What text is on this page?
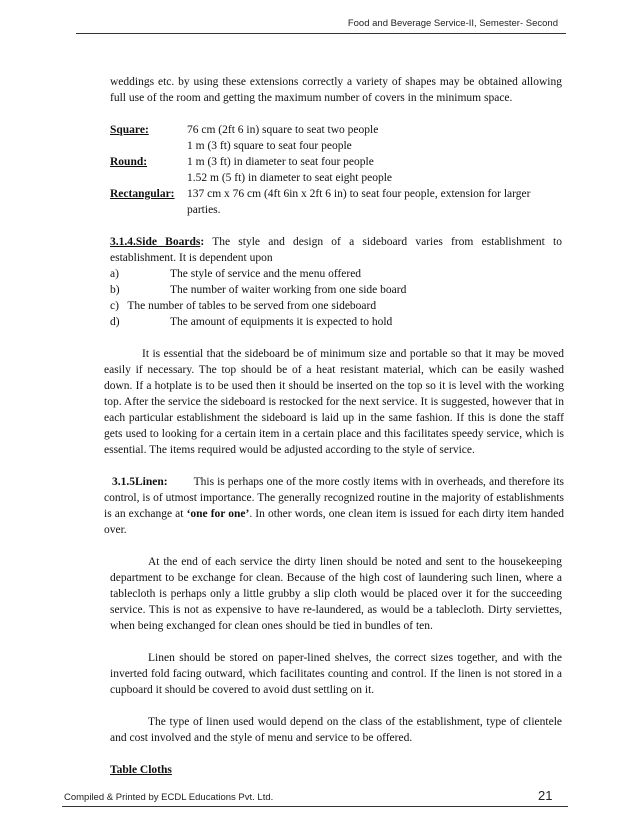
Food and Beverage Service-II, Semester- Second

weddings etc. by using these extensions correctly a variety of shapes may be obtained allowing full use of the room and getting the maximum number of covers in the minimum space.

Square:	76 cm (2ft 6 in) square to seat two people
1 m (3 ft) square to seat four people
Round:	1 m (3 ft) in diameter to seat four people
1.52 m (5 ft) in diameter to seat eight people
Rectangular:	137 cm x 76 cm (4ft 6in x 2ft 6 in) to seat four people, extension for larger parties.

3.1.4.Side Boards: The style and design of a sideboard varies from establishment to establishment. It is dependent upon

a)	The style of service and the menu offered
b)	The number of waiter working from one side board
c)   The number of tables to be served from one sideboard
d)	The amount of equipments it is expected to hold

It is essential that the sideboard be of minimum size and portable so that it may be moved easily if necessary. The top should be of a heat resistant material, which can be easily washed down. If a hotplate is to be used then it should be inserted on the top so it is level with the working top. After the service the sideboard is restocked for the next service. It is suggested, however that in each particular establishment the sideboard is laid up in the same fashion. If this is done the staff gets used to looking for a certain item in a certain place and this facilitates speedy service, which is essential. The items required would be adjusted according to the style of service.

3.1.5Linen: This is perhaps one of the more costly items with in overheads, and therefore its control, is of utmost importance. The generally recognized routine in the majority of establishments is an exchange at ‘one for one’. In other words, one clean item is issued for each dirty item handed over.

At the end of each service the dirty linen should be noted and sent to the housekeeping department to be exchange for clean. Because of the high cost of laundering such linen, where a tablecloth is perhaps only a little grubby a slip cloth would be placed over it for the succeeding service. This is not as expensive to have re-laundered, as would be a tablecloth. Dirty serviettes, when being exchanged for clean ones should be tied in bundles of ten.

Linen should be stored on paper-lined shelves, the correct sizes together, and with the inverted fold facing outward, which facilitates counting and control. If the linen is not stored in a cupboard it should be covered to avoid dust settling on it.

The type of linen used would depend on the class of the establishment, type of clientele and cost involved and the style of menu and service to be offered.

Table Cloths

Compiled & Printed by ECDL Educations Pvt. Ltd.	21
